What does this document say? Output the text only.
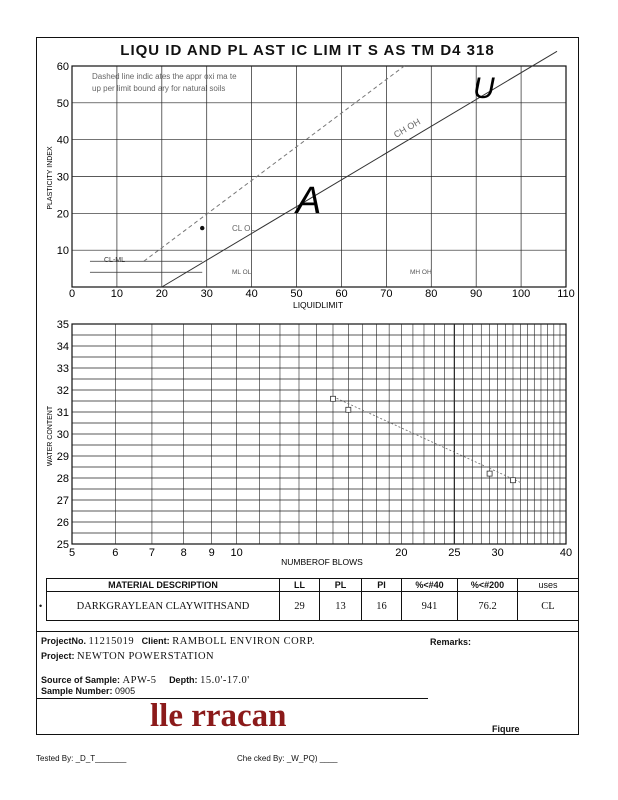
LIQU ID AND PL AST IC LIM IT S AS TM D4 318
0	10	20	30	40	50	60	70	80	90	100 110
10
20
30
40
50
60
Dashed line indic ates the appr oxi ma te
up per limit bound ary for natural soils
LIQUIDLIMIT
PLASTICITY INDEX
U
A
ML OL	MH OH
CL-ML
CL OL
CH OH
25
26
27
28
29
30
31
32
33
34
35
5	6	7 8 9 10	20	25	30	40
NUMBEROF BLOWS
WATER CONTENT
•
MATERIAL DESCRIPTION	LL	PL	PI	%<#40	%<#200	uses
DARKGRAYLEAN CLAYWITHSAND	29	13	16	941	76.2	CL
ProjectNo. 11215019 Client: RAMBOLL ENVIRON CORP.	Remarks:
Project: NEWTON POWERSTATION
Source of Sample: APW-5 Depth: 15.0'-17.0'
Sample Number: 0905
lle rracan	Fiqure
Tested By: _D_T_______	Che cked By: _W_PQ) ____
